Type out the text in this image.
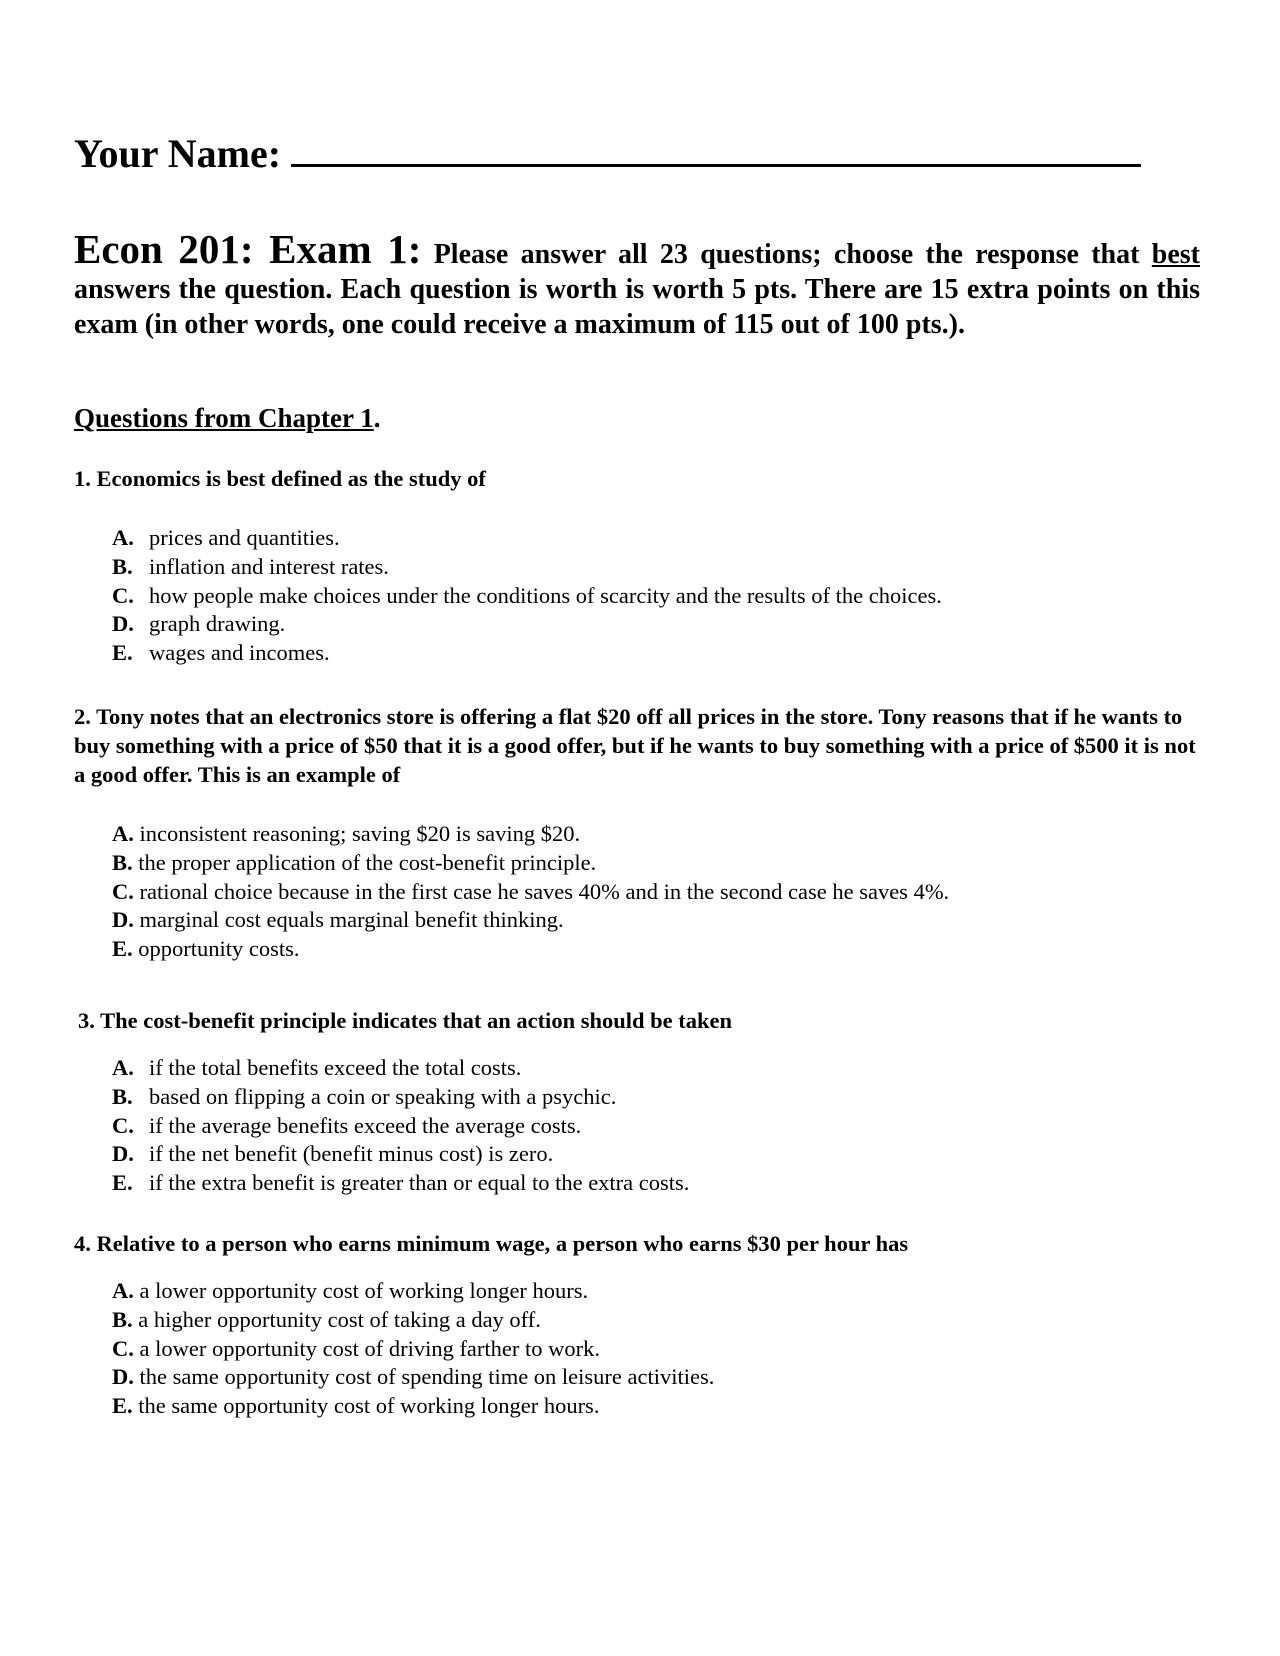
Your Name:
Econ 201: Exam 1: Please answer all 23 questions; choose the response that best answers the question. Each question is worth is worth 5 pts. There are 15 extra points on this exam (in other words, one could receive a maximum of 115 out of 100 pts.).
Questions from Chapter 1.
1. Economics is best defined as the study of
A. prices and quantities.
B. inflation and interest rates.
C. how people make choices under the conditions of scarcity and the results of the choices.
D. graph drawing.
E. wages and incomes.
2. Tony notes that an electronics store is offering a flat $20 off all prices in the store. Tony reasons that if he wants to buy something with a price of $50 that it is a good offer, but if he wants to buy something with a price of $500 it is not a good offer. This is an example of
A. inconsistent reasoning; saving $20 is saving $20.
B. the proper application of the cost-benefit principle.
C. rational choice because in the first case he saves 40% and in the second case he saves 4%.
D. marginal cost equals marginal benefit thinking.
E. opportunity costs.
3. The cost-benefit principle indicates that an action should be taken
A. if the total benefits exceed the total costs.
B. based on flipping a coin or speaking with a psychic.
C. if the average benefits exceed the average costs.
D. if the net benefit (benefit minus cost) is zero.
E. if the extra benefit is greater than or equal to the extra costs.
4. Relative to a person who earns minimum wage, a person who earns $30 per hour has
A. a lower opportunity cost of working longer hours.
B. a higher opportunity cost of taking a day off.
C. a lower opportunity cost of driving farther to work.
D. the same opportunity cost of spending time on leisure activities.
E. the same opportunity cost of working longer hours.
